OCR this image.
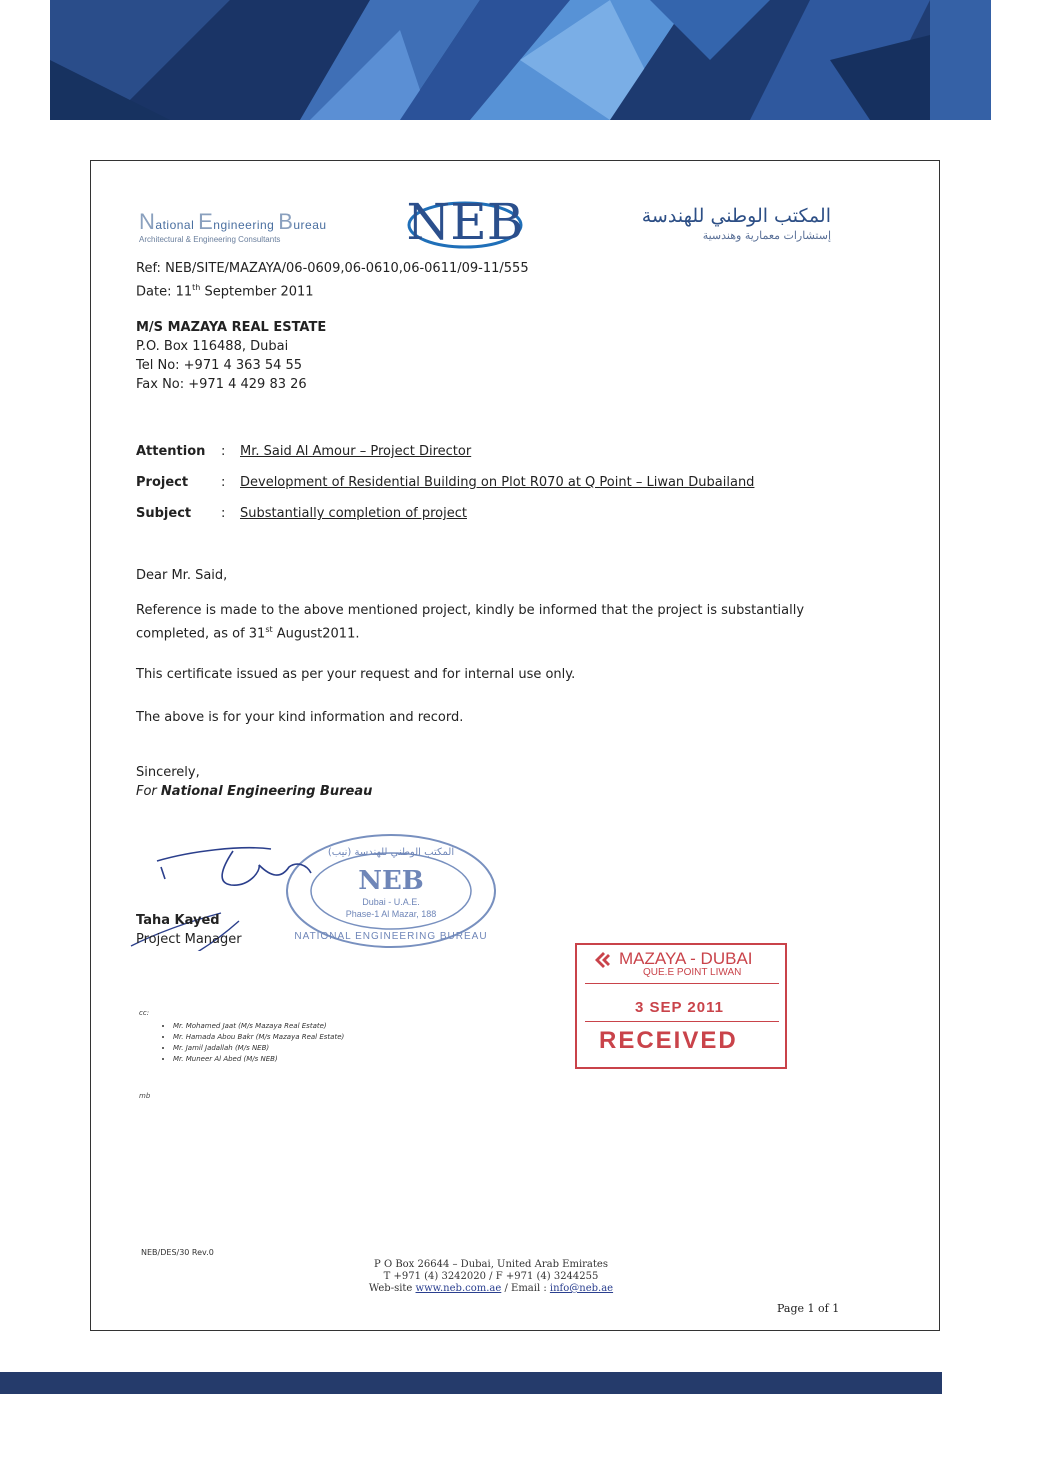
National Engineering Bureau
Architectural & Engineering Consultants	NEB	المكتب الوطني للهندسة
إستشارات معمارية وهندسية
Ref: NEB/SITE/MAZAYA/06-0609,06-0610,06-0611/09-11/555
Date: 11th September 2011
M/S MAZAYA REAL ESTATE
P.O. Box 116488, Dubai
Tel No: +971 4 363 54 55
Fax No: +971 4 429 83 26
Attention	:	Mr. Said Al Amour – Project Director
Project	:	Development of Residential Building on Plot R070 at Q Point – Liwan Dubailand
Subject	:	Substantially completion of project
Dear Mr. Said,
Reference is made to the above mentioned project, kindly be informed that the project is substantially completed, as of 31st August2011.
This certificate issued as per your request and for internal use only.
The above is for your kind information and record.
Sincerely,
For National Engineering Bureau
المكتب الوطني للهندسة (نيب)
NEB
Dubai - U.A.E.
Phase-1 Al Mazar, 188
NATIONAL ENGINEERING BUREAU
Taha Kayed
Project Manager
MAZAYA - DUBAI
QUE.E POINT LIWAN
3 SEP 2011
RECEIVED
cc:
• Mr. Mohamed Jaat (M/s Mazaya Real Estate)
• Mr. Hamada Abou Bakr (M/s Mazaya Real Estate)
• Mr. Jamil Jadallah (M/s NEB)
• Mr. Muneer Al Abed (M/s NEB)
mb
NEB/DES/30 Rev.0
P O Box 26644 – Dubai, United Arab Emirates
T +971 (4) 3242020 / F +971 (4) 3244255
Web-site www.neb.com.ae / Email : info@neb.ae
Page 1 of 1
